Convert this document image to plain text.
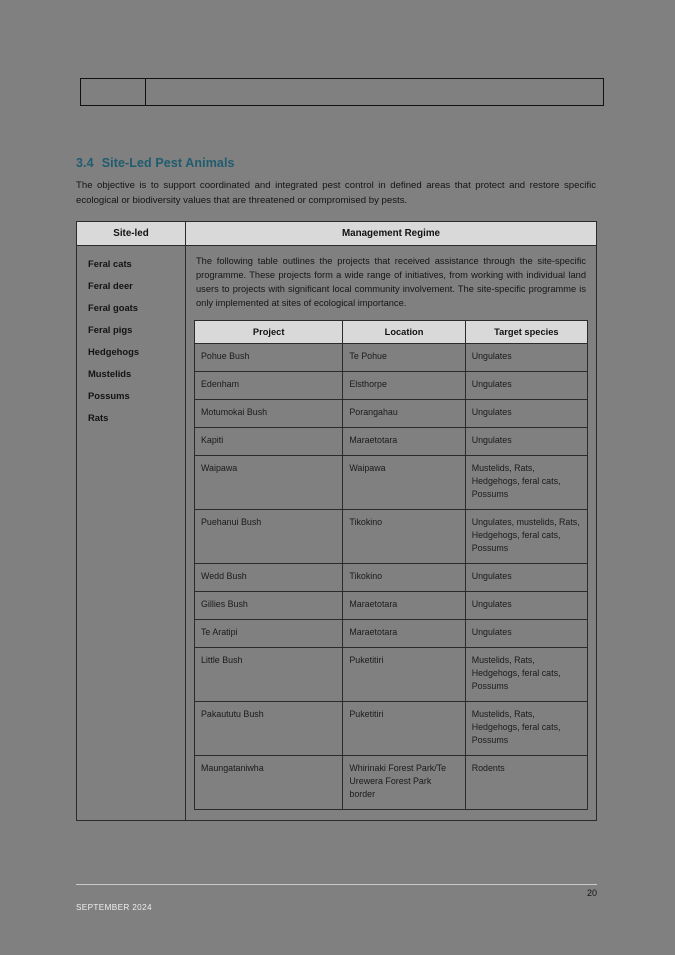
3.4 Site-Led Pest Animals
The objective is to support coordinated and integrated pest control in defined areas that protect and restore specific ecological or biodiversity values that are threatened or compromised by pests.
Site-led	Management Regime

Feral cats
Feral deer
Feral goats
Feral pigs
Hedgehogs
Mustelids
Possums
Rats

The following table outlines the projects that received assistance through the site-specific programme. These projects form a wide range of initiatives, from working with individual land users to projects with significant local community involvement. The site-specific programme is only implemented at sites of ecological importance.
Project	Location	Target species
Pohue Bush	Te Pohue	Ungulates
Edenham	Elsthorpe	Ungulates
Motumokai Bush	Porangahau	Ungulates
Kapiti	Maraetotara	Ungulates
Waipawa	Waipawa	Mustelids, Rats, Hedgehogs, feral cats, Possums
Puehanui Bush	Tikokino	Ungulates, mustelids, Rats, Hedgehogs, feral cats, Possums
Wedd Bush	Tikokino	Ungulates
Gillies Bush	Maraetotara	Ungulates
Te Aratipi	Maraetotara	Ungulates
Little Bush	Puketitiri	Mustelids, Rats, Hedgehogs, feral cats, Possums
Pakaututu Bush	Puketitiri	Mustelids, Rats, Hedgehogs, feral cats, Possums
Maungataniwha	Whirinaki Forest Park/Te Urewera Forest Park border	Rodents
20
SEPTEMBER 2024
